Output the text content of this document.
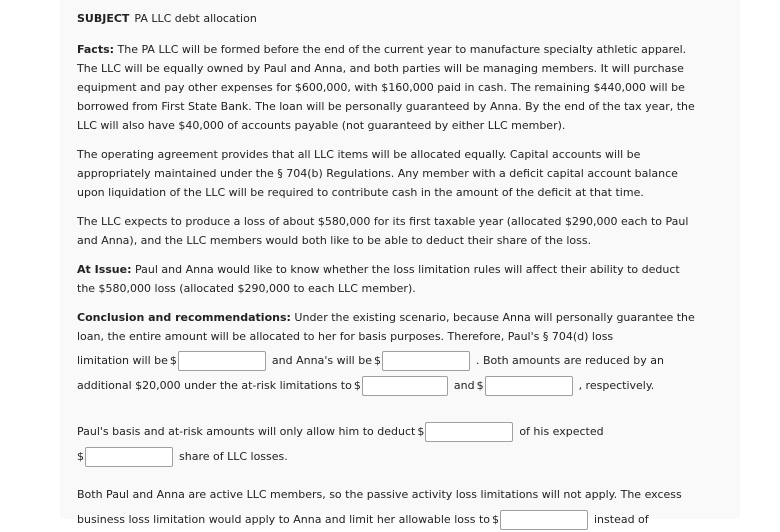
SUBJECT PA LLC debt allocation

Facts: The PA LLC will be formed before the end of the current year to manufacture specialty athletic apparel. The LLC will be equally owned by Paul and Anna, and both parties will be managing members. It will purchase equipment and pay other expenses for $600,000, with $160,000 paid in cash. The remaining $440,000 will be borrowed from First State Bank. The loan will be personally guaranteed by Anna. By the end of the tax year, the LLC will also have $40,000 of accounts payable (not guaranteed by either LLC member).

The operating agreement provides that all LLC items will be allocated equally. Capital accounts will be appropriately maintained under the § 704(b) Regulations. Any member with a deficit capital account balance upon liquidation of the LLC will be required to contribute cash in the amount of the deficit at that time.

The LLC expects to produce a loss of about $580,000 for its first taxable year (allocated $290,000 each to Paul and Anna), and the LLC members would both like to be able to deduct their share of the loss.

At Issue: Paul and Anna would like to know whether the loss limitation rules will affect their ability to deduct the $580,000 loss (allocated $290,000 to each LLC member).

Conclusion and recommendations: Under the existing scenario, because Anna will personally guarantee the loan, the entire amount will be allocated to her for basis purposes. Therefore, Paul's § 704(d) loss
limitation will be $	and Anna's will be $	. Both amounts are reduced by an
additional $20,000 under the at-risk limitations to $	and $	, respectively.
Paul's basis and at-risk amounts will only allow him to deduct $	of his expected
$	share of LLC losses.
Both Paul and Anna are active LLC members, so the passive activity loss limitations will not apply. The excess
business loss limitation would apply to Anna and limit her allowable loss to $	instead of
